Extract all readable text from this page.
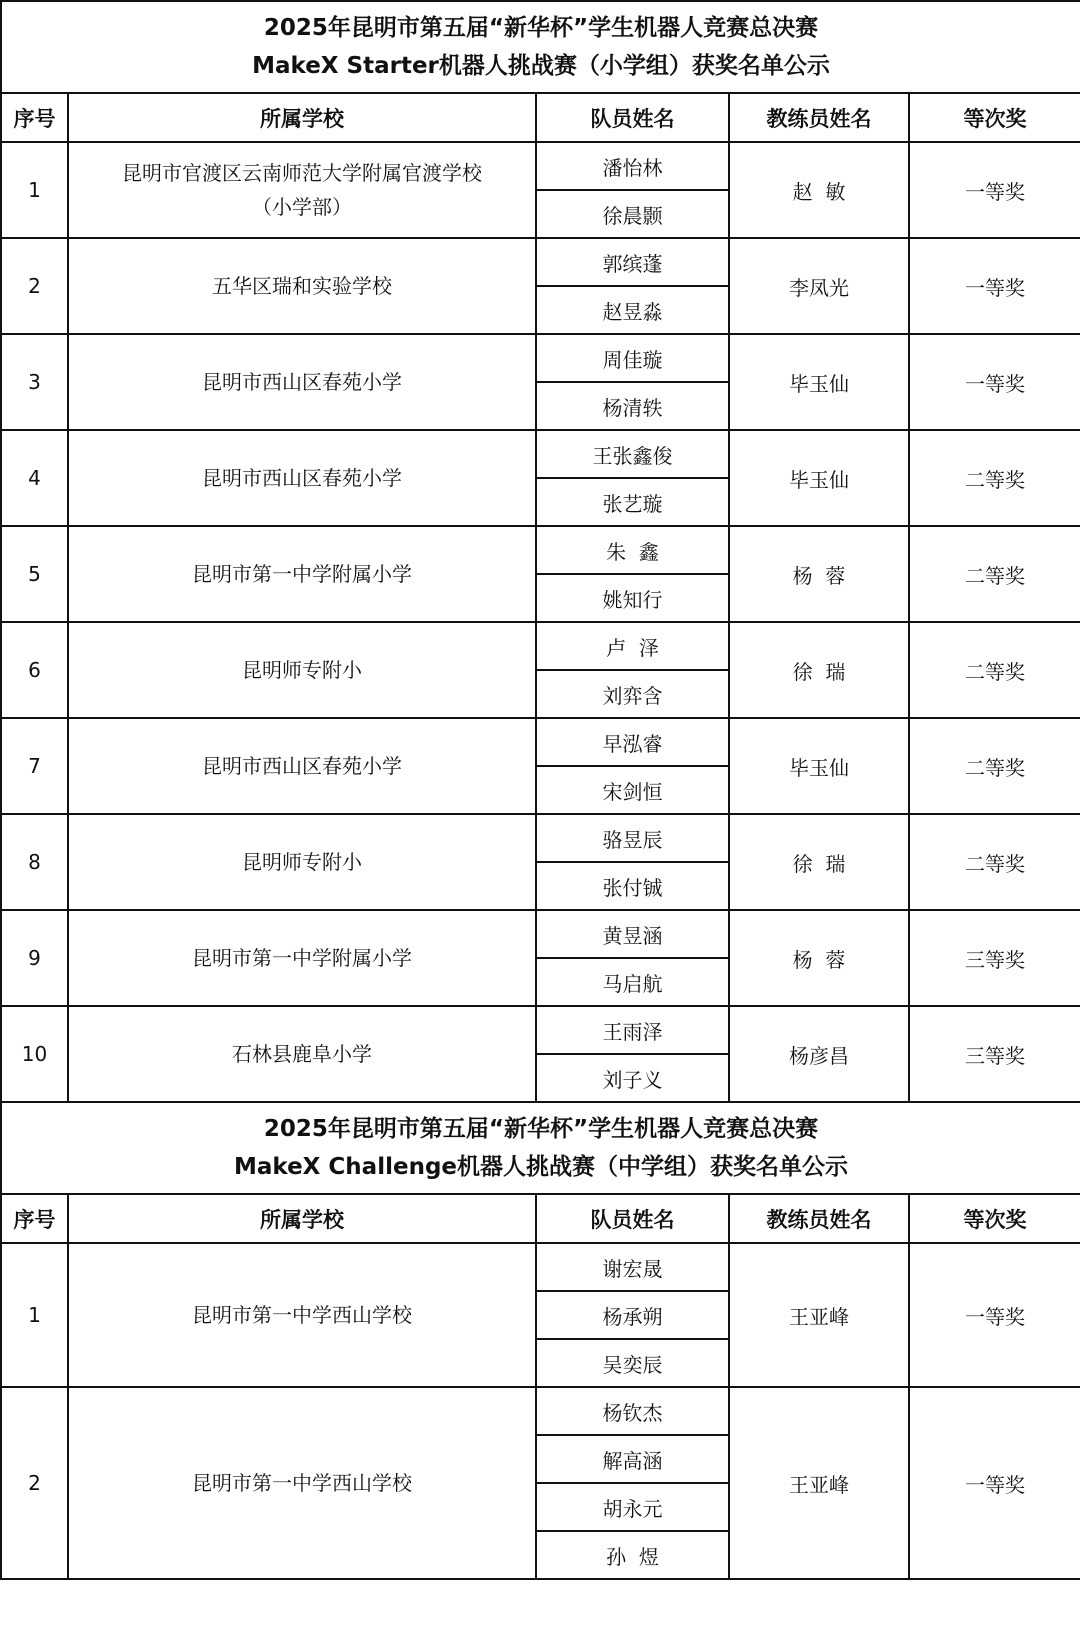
2025年昆明市第五届“新华杯”学生机器人竞赛总决赛
MakeX Starter机器人挑战赛（小学组）获奖名单公示				

序号	所属学校	队员姓名	教练员姓名	等次奖
1	昆明市官渡区云南师范大学附属官渡学校
（小学部）	潘怡林	赵  敏	一等奖
		徐晨颢		
2	五华区瑞和实验学校	郭缤蓬	李凤光	一等奖
		赵昱淼		
3	昆明市西山区春苑小学	周佳璇	毕玉仙	一等奖
		杨清轶		
4	昆明市西山区春苑小学	王张鑫俊	毕玉仙	二等奖
		张艺璇		
5	昆明市第一中学附属小学	朱  鑫	杨  蓉	二等奖
		姚知行		
6	昆明师专附小	卢  泽	徐  瑞	二等奖
		刘弈含		
7	昆明市西山区春苑小学	早泓睿	毕玉仙	二等奖
		宋剑恒		
8	昆明师专附小	骆昱辰	徐  瑞	二等奖
		张付铖		
9	昆明市第一中学附属小学	黄昱涵	杨  蓉	三等奖
		马启航		
10	石林县鹿阜小学	王雨泽	杨彦昌	三等奖
		刘子义		

2025年昆明市第五届“新华杯”学生机器人竞赛总决赛
MakeX Challenge机器人挑战赛（中学组）获奖名单公示				

序号	所属学校	队员姓名	教练员姓名	等次奖
1	昆明市第一中学西山学校	谢宏晟	王亚峰	一等奖
		杨承朔		
		吴奕辰		
2	昆明市第一中学西山学校	杨钦杰	王亚峰	一等奖
		解高涵		
		胡永元		
		孙  煜		
